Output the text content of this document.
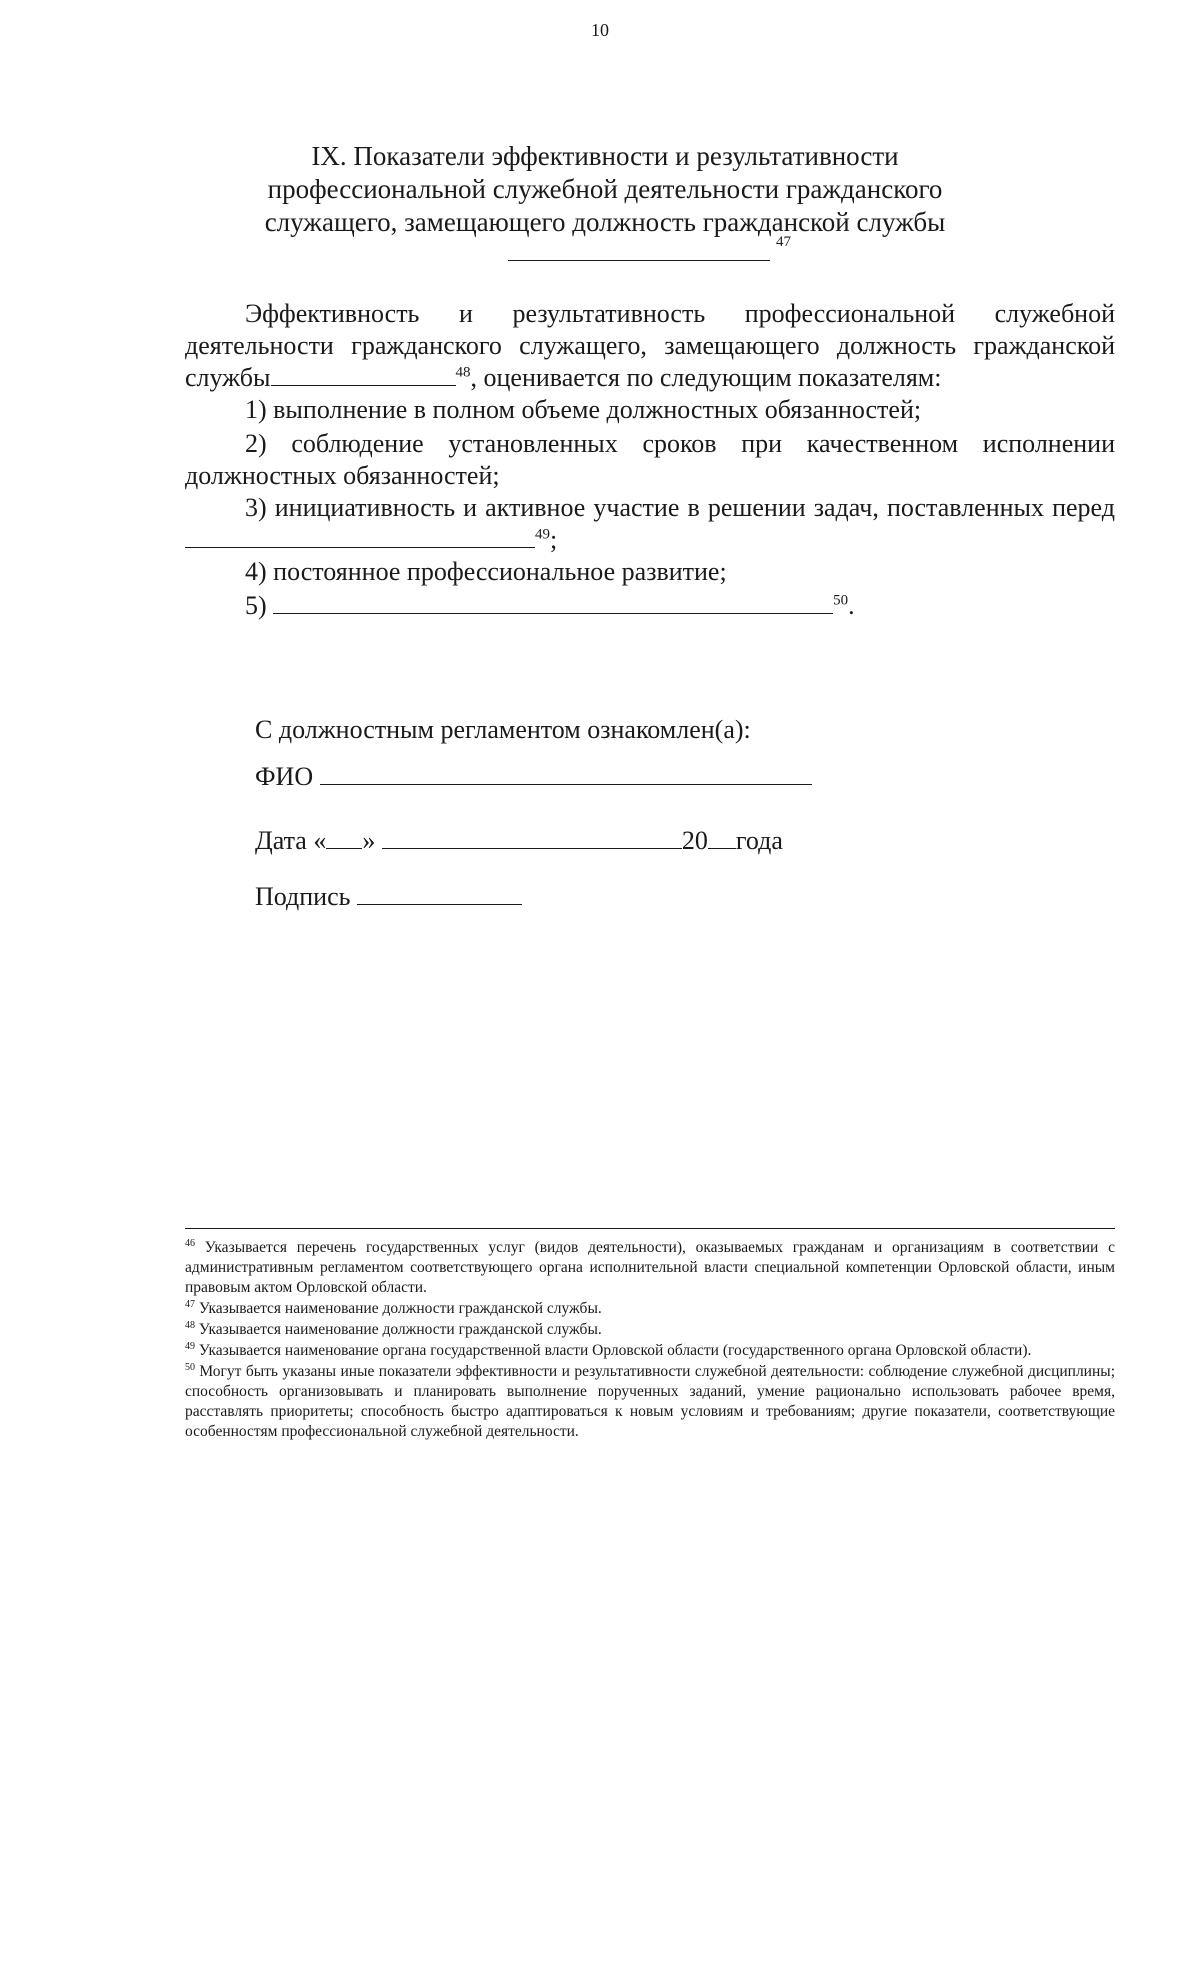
10
IX. Показатели эффективности и результативности
профессиональной служебной деятельности гражданского
служащего, замещающего должность гражданской службы
47
Эффективность и результативность профессиональной служебной деятельности гражданского служащего, замещающего должность гражданской службы	$^{48}$, оценивается по следующим показателям:
1) выполнение в полном объеме должностных обязанностей;
2) соблюдение установленных сроков при качественном исполнении должностных обязанностей;
3) инициативность и активное участие в решении задач, поставленных перед $^{49}$;
4) постоянное профессиональное развитие;
5)	$^{50}$.
С должностным регламентом ознакомлен(а):
ФИО
Дата « »	20 года
Подпись

$^{46}$ Указывается перечень государственных услуг (видов деятельности), оказываемых гражданам и организациям в соответствии с административным регламентом соответствующего органа исполнительной власти специальной компетенции Орловской области, иным правовым актом Орловской области.

$^{47}$ Указывается наименование должности гражданской службы.

$^{48}$ Указывается наименование должности гражданской службы.

$^{49}$ Указывается наименование органа государственной власти Орловской области (государственного органа Орловской области).

$^{50}$ Могут быть указаны иные показатели эффективности и результативности служебной деятельности: соблюдение служебной дисциплины; способность организовывать и планировать выполнение порученных заданий, умение рационально использовать рабочее время, расставлять приоритеты; способность быстро адаптироваться к новым условиям и требованиям; другие показатели, соответствующие особенностям профессиональной служебной деятельности.
